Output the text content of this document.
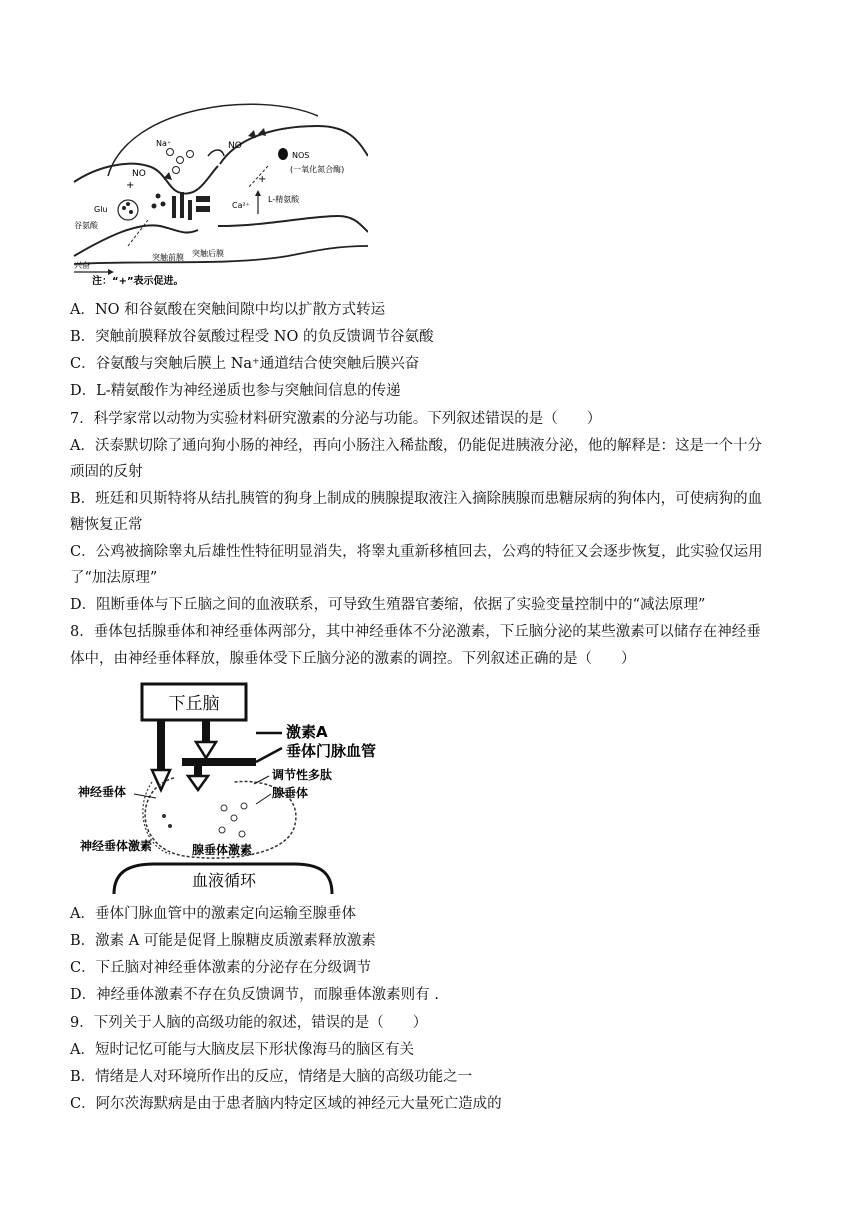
NO
+
+
Na⁺	NO
NOS
(一氧化氮合酶)
Glu
谷氨酸
Ca²⁺
L-精氨酸
突触前膜 突触后膜
兴奋
注：“+”表示促进。
A．NO 和谷氨酸在突触间隙中均以扩散方式转运
B．突触前膜释放谷氨酸过程受 NO 的负反馈调节谷氨酸
C．谷氨酸与突触后膜上 Na⁺通道结合使突触后膜兴奋
D．L-精氨酸作为神经递质也参与突触间信息的传递
7．科学家常以动物为实验材料研究激素的分泌与功能。下列叙述错误的是（　　）
A．沃泰默切除了通向狗小肠的神经，再向小肠注入稀盐酸，仍能促进胰液分泌，他的解释是：这是一个十分
顽固的反射
B．班廷和贝斯特将从结扎胰管的狗身上制成的胰腺提取液注入摘除胰腺而患糖尿病的狗体内，可使病狗的血
糖恢复正常
C．公鸡被摘除睾丸后雄性性特征明显消失，将睾丸重新移植回去，公鸡的特征又会逐步恢复，此实验仅运用
了“加法原理”
D．阻断垂体与下丘脑之间的血液联系，可导致生殖器官萎缩，依据了实验变量控制中的“减法原理”
8．垂体包括腺垂体和神经垂体两部分，其中神经垂体不分泌激素，下丘脑分泌的某些激素可以储存在神经垂
体中，由神经垂体释放，腺垂体受下丘脑分泌的激素的调控。下列叙述正确的是（　　）
下丘脑
激素A
垂体门脉血管
调节性多肽
腺垂体
神经垂体
神经垂体激素	腺垂体激素
血液循环
A．垂体门脉血管中的激素定向运输至腺垂体
B．激素 A 可能是促肾上腺糖皮质激素释放激素
C．下丘脑对神经垂体激素的分泌存在分级调节
D．神经垂体激素不存在负反馈调节，而腺垂体激素则有 .
9．下列关于人脑的高级功能的叙述，错误的是（　　）
A．短时记忆可能与大脑皮层下形状像海马的脑区有关
B．情绪是人对环境所作出的反应，情绪是大脑的高级功能之一
C．阿尔茨海默病是由于患者脑内特定区域的神经元大量死亡造成的
